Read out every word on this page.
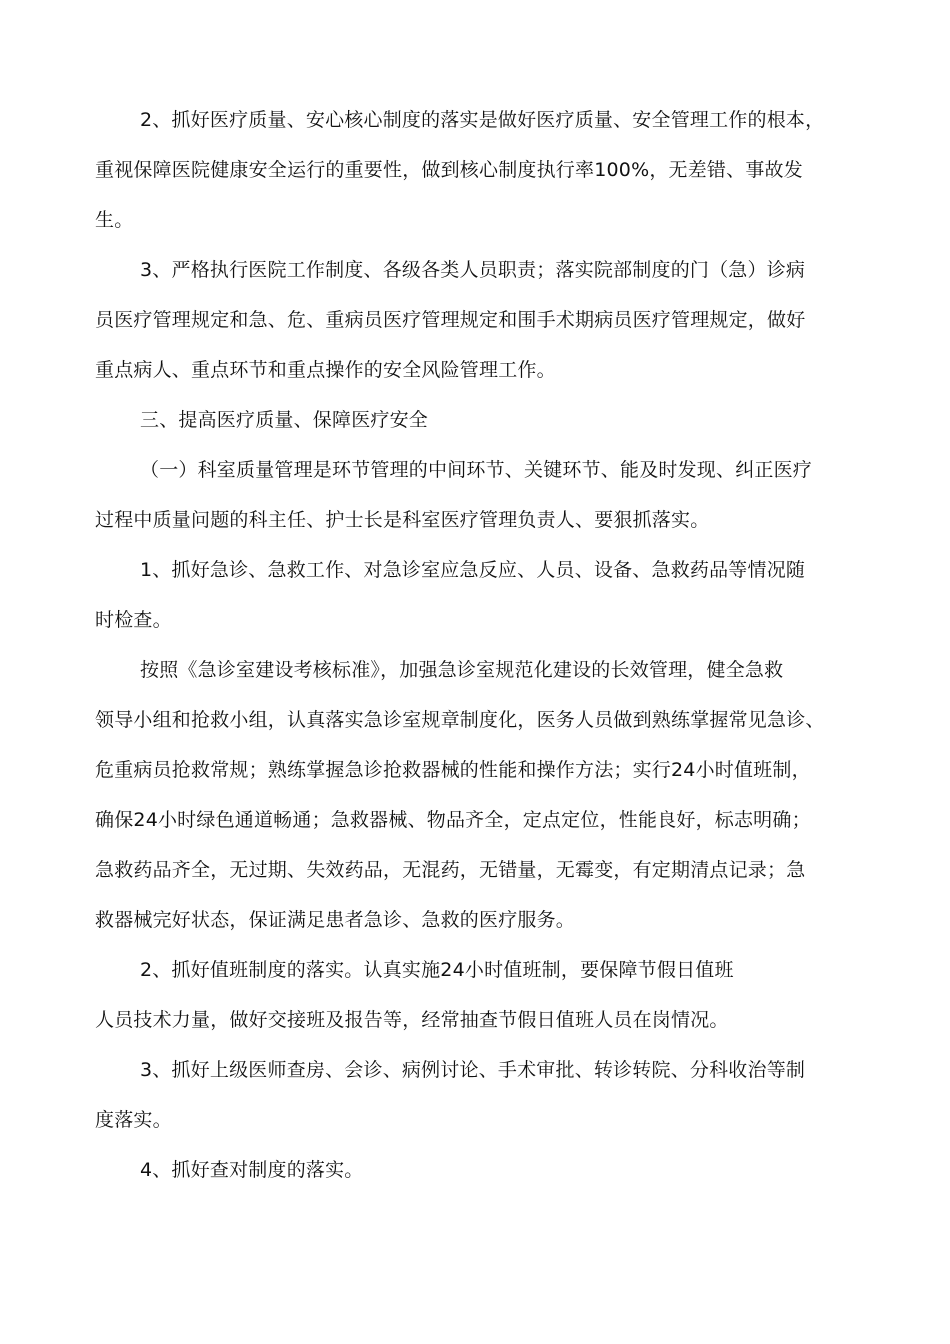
2、抓好医疗质量、安心核心制度的落实是做好医疗质量、安全管理工作的根本，

重视保障医院健康安全运行的重要性，做到核心制度执行率100%，无差错、事故发

生。

3、严格执行医院工作制度、各级各类人员职责；落实院部制度的门（急）诊病

员医疗管理规定和急、危、重病员医疗管理规定和围手术期病员医疗管理规定，做好

重点病人、重点环节和重点操作的安全风险管理工作。

三、提高医疗质量、保障医疗安全

（一）科室质量管理是环节管理的中间环节、关键环节、能及时发现、纠正医疗

过程中质量问题的科主任、护士长是科室医疗管理负责人、要狠抓落实。

1、抓好急诊、急救工作、对急诊室应急反应、人员、设备、急救药品等情况随

时检查。

按照《急诊室建设考核标准》，加强急诊室规范化建设的长效管理，健全急救

领导小组和抢救小组，认真落实急诊室规章制度化，医务人员做到熟练掌握常见急诊、

危重病员抢救常规；熟练掌握急诊抢救器械的性能和操作方法；实行24小时值班制，

确保24小时绿色通道畅通；急救器械、物品齐全，定点定位，性能良好，标志明确；

急救药品齐全，无过期、失效药品，无混药，无错量，无霉变，有定期清点记录；急

救器械完好状态，保证满足患者急诊、急救的医疗服务。

2、抓好值班制度的落实。认真实施24小时值班制，要保障节假日值班

人员技术力量，做好交接班及报告等，经常抽查节假日值班人员在岗情况。

3、抓好上级医师查房、会诊、病例讨论、手术审批、转诊转院、分科收治等制

度落实。

4、抓好查对制度的落实。
